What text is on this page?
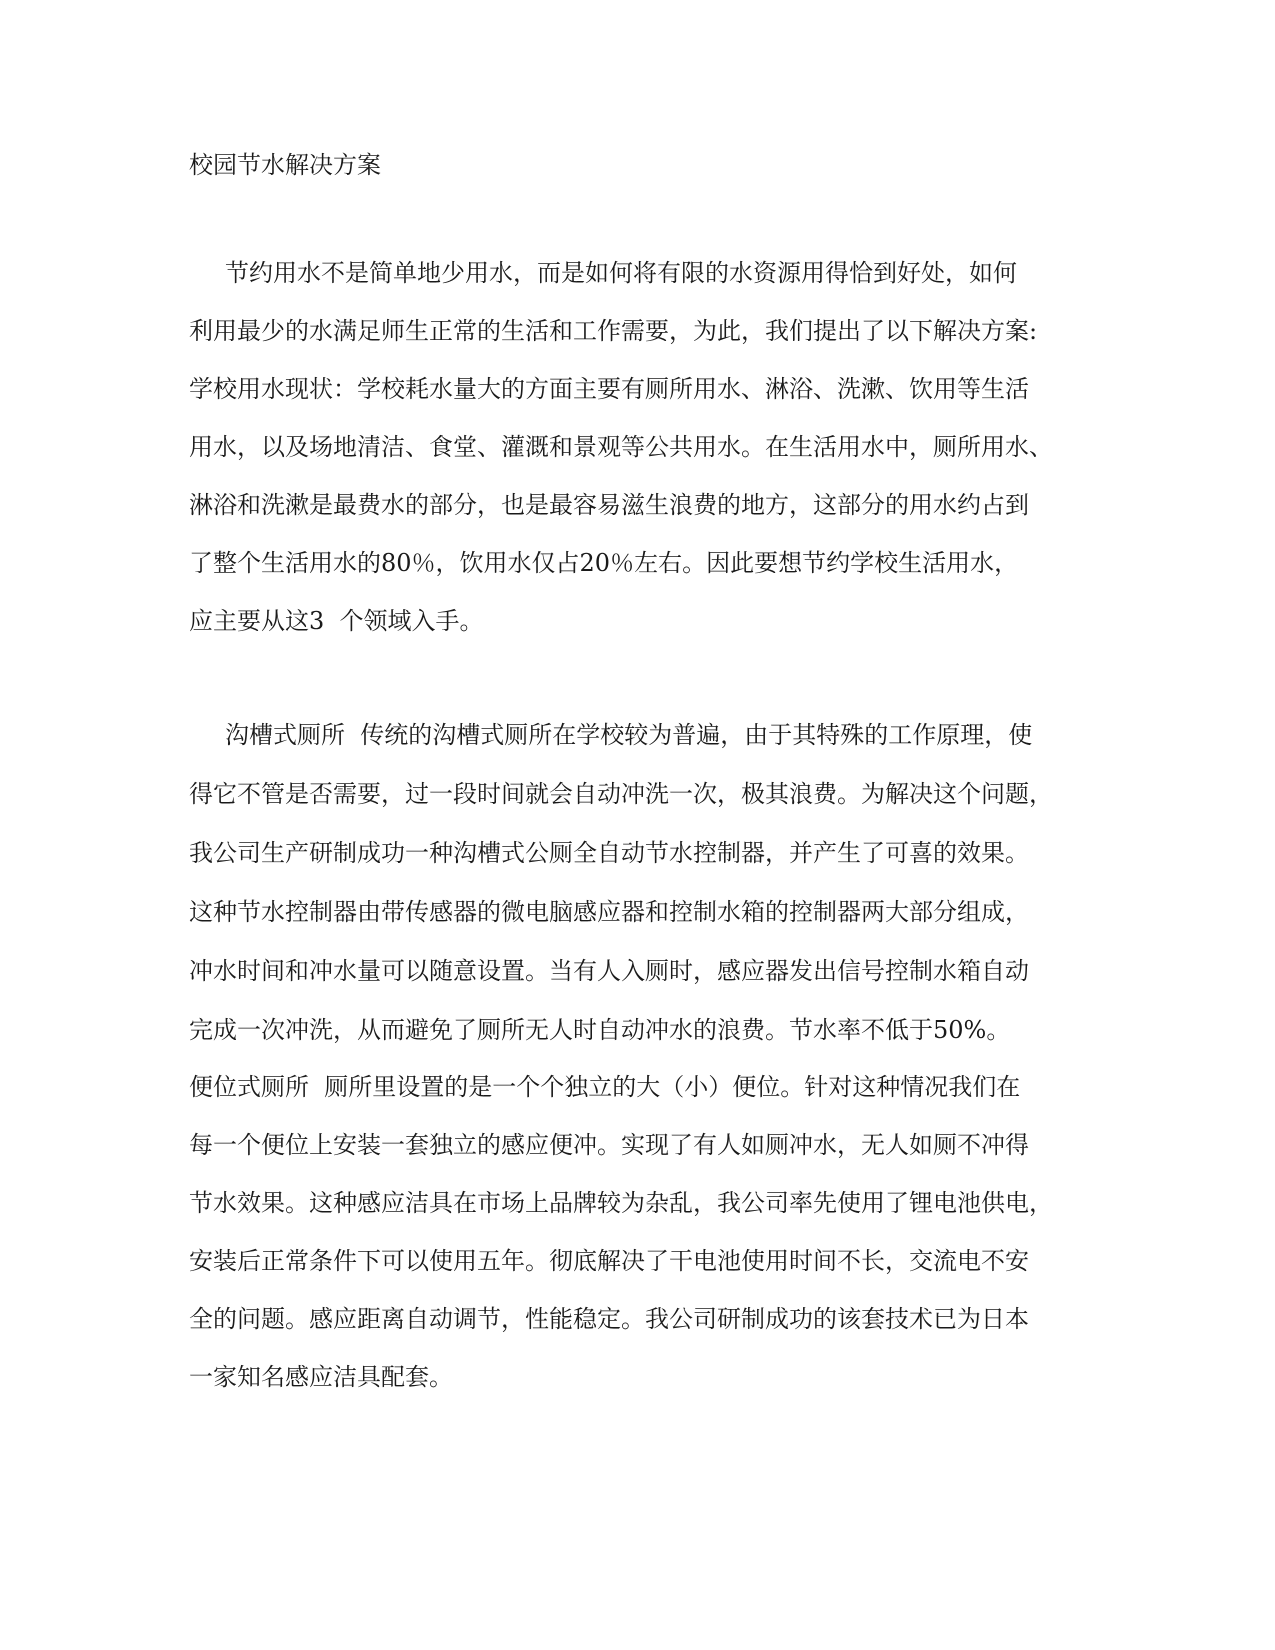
校园节水解决方案
节约用水不是简单地少用水，而是如何将有限的水资源用得恰到好处，如何
利用最少的水满足师生正常的生活和工作需要，为此，我们提出了以下解决方案:
学校用水现状：学校耗水量大的方面主要有厕所用水、淋浴、洗漱、饮用等生活
用水，以及场地清洁、食堂、灌溉和景观等公共用水。在生活用水中，厕所用水、
淋浴和洗漱是最费水的部分，也是最容易滋生浪费的地方，这部分的用水约占到
了整个生活用水的80％，饮用水仅占20％左右。因此要想节约学校生活用水，
应主要从这3  个领域入手。
沟槽式厕所  传统的沟槽式厕所在学校较为普遍，由于其特殊的工作原理，使
得它不管是否需要，过一段时间就会自动冲洗一次，极其浪费。为解决这个问题，
我公司生产研制成功一种沟槽式公厕全自动节水控制器，并产生了可喜的效果。
这种节水控制器由带传感器的微电脑感应器和控制水箱的控制器两大部分组成，
冲水时间和冲水量可以随意设置。当有人入厕时，感应器发出信号控制水箱自动
完成一次冲洗，从而避免了厕所无人时自动冲水的浪费。节水率不低于50%。
便位式厕所  厕所里设置的是一个个独立的大（小）便位。针对这种情况我们在
每一个便位上安装一套独立的感应便冲。实现了有人如厕冲水，无人如厕不冲得
节水效果。这种感应洁具在市场上品牌较为杂乱，我公司率先使用了锂电池供电，
安装后正常条件下可以使用五年。彻底解决了干电池使用时间不长，交流电不安
全的问题。感应距离自动调节，性能稳定。我公司研制成功的该套技术已为日本
一家知名感应洁具配套。
